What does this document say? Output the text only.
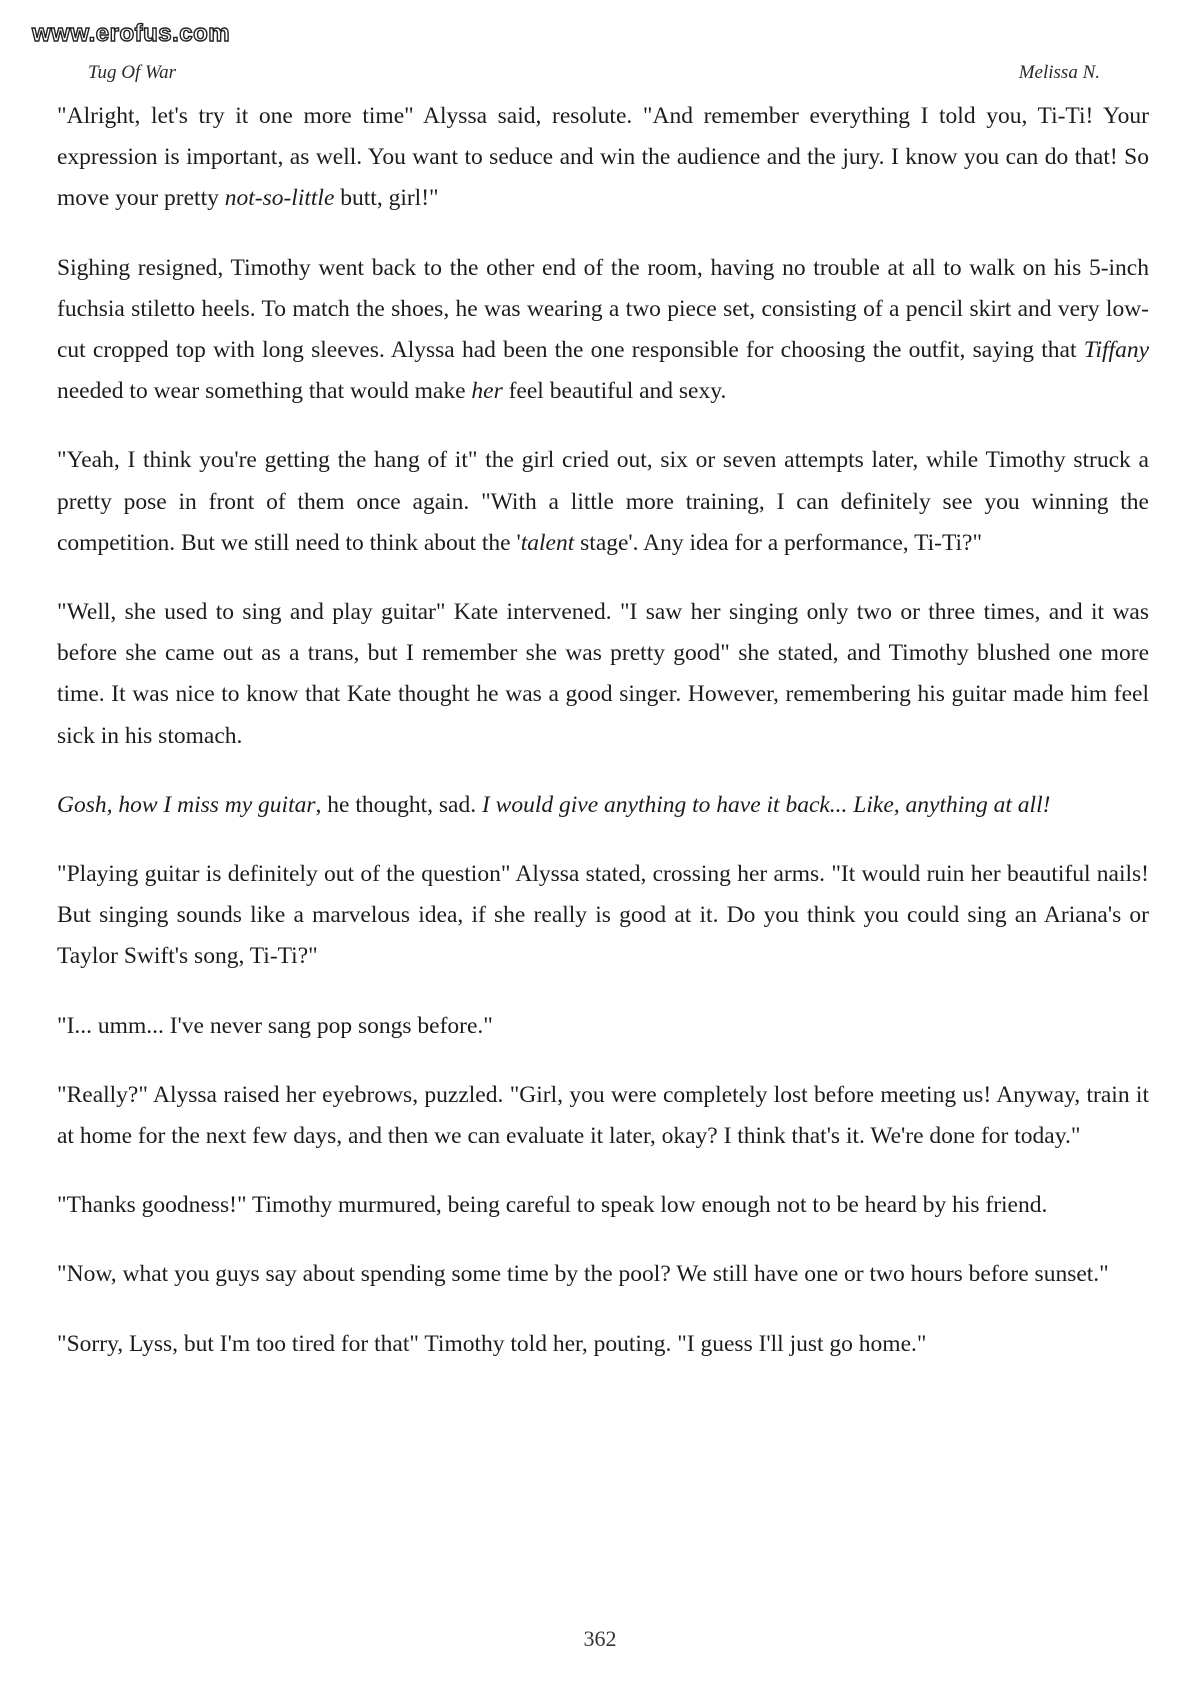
www.erofus.com
Tug Of War	Melissa N.

"Alright, let's try it one more time" Alyssa said, resolute. "And remember everything I told you, Ti-Ti! Your expression is important, as well. You want to seduce and win the audience and the jury. I know you can do that! So move your pretty not-so-little butt, girl!"

Sighing resigned, Timothy went back to the other end of the room, having no trouble at all to walk on his 5-inch fuchsia stiletto heels. To match the shoes, he was wearing a two piece set, consisting of a pencil skirt and very low-cut cropped top with long sleeves. Alyssa had been the one responsible for choosing the outfit, saying that Tiffany needed to wear something that would make her feel beautiful and sexy.

"Yeah, I think you're getting the hang of it" the girl cried out, six or seven attempts later, while Timothy struck a pretty pose in front of them once again. "With a little more training, I can definitely see you winning the competition. But we still need to think about the 'talent stage'. Any idea for a performance, Ti-Ti?"

"Well, she used to sing and play guitar" Kate intervened. "I saw her singing only two or three times, and it was before she came out as a trans, but I remember she was pretty good" she stated, and Timothy blushed one more time. It was nice to know that Kate thought he was a good singer. However, remembering his guitar made him feel sick in his stomach.

Gosh, how I miss my guitar, he thought, sad. I would give anything to have it back... Like, anything at all!

"Playing guitar is definitely out of the question" Alyssa stated, crossing her arms. "It would ruin her beautiful nails! But singing sounds like a marvelous idea, if she really is good at it. Do you think you could sing an Ariana's or Taylor Swift's song, Ti-Ti?"

"I... umm... I've never sang pop songs before."

"Really?" Alyssa raised her eyebrows, puzzled. "Girl, you were completely lost before meeting us! Anyway, train it at home for the next few days, and then we can evaluate it later, okay? I think that's it. We're done for today."

"Thanks goodness!" Timothy murmured, being careful to speak low enough not to be heard by his friend.

"Now, what you guys say about spending some time by the pool? We still have one or two hours before sunset."

"Sorry, Lyss, but I'm too tired for that" Timothy told her, pouting. "I guess I'll just go home."

362
